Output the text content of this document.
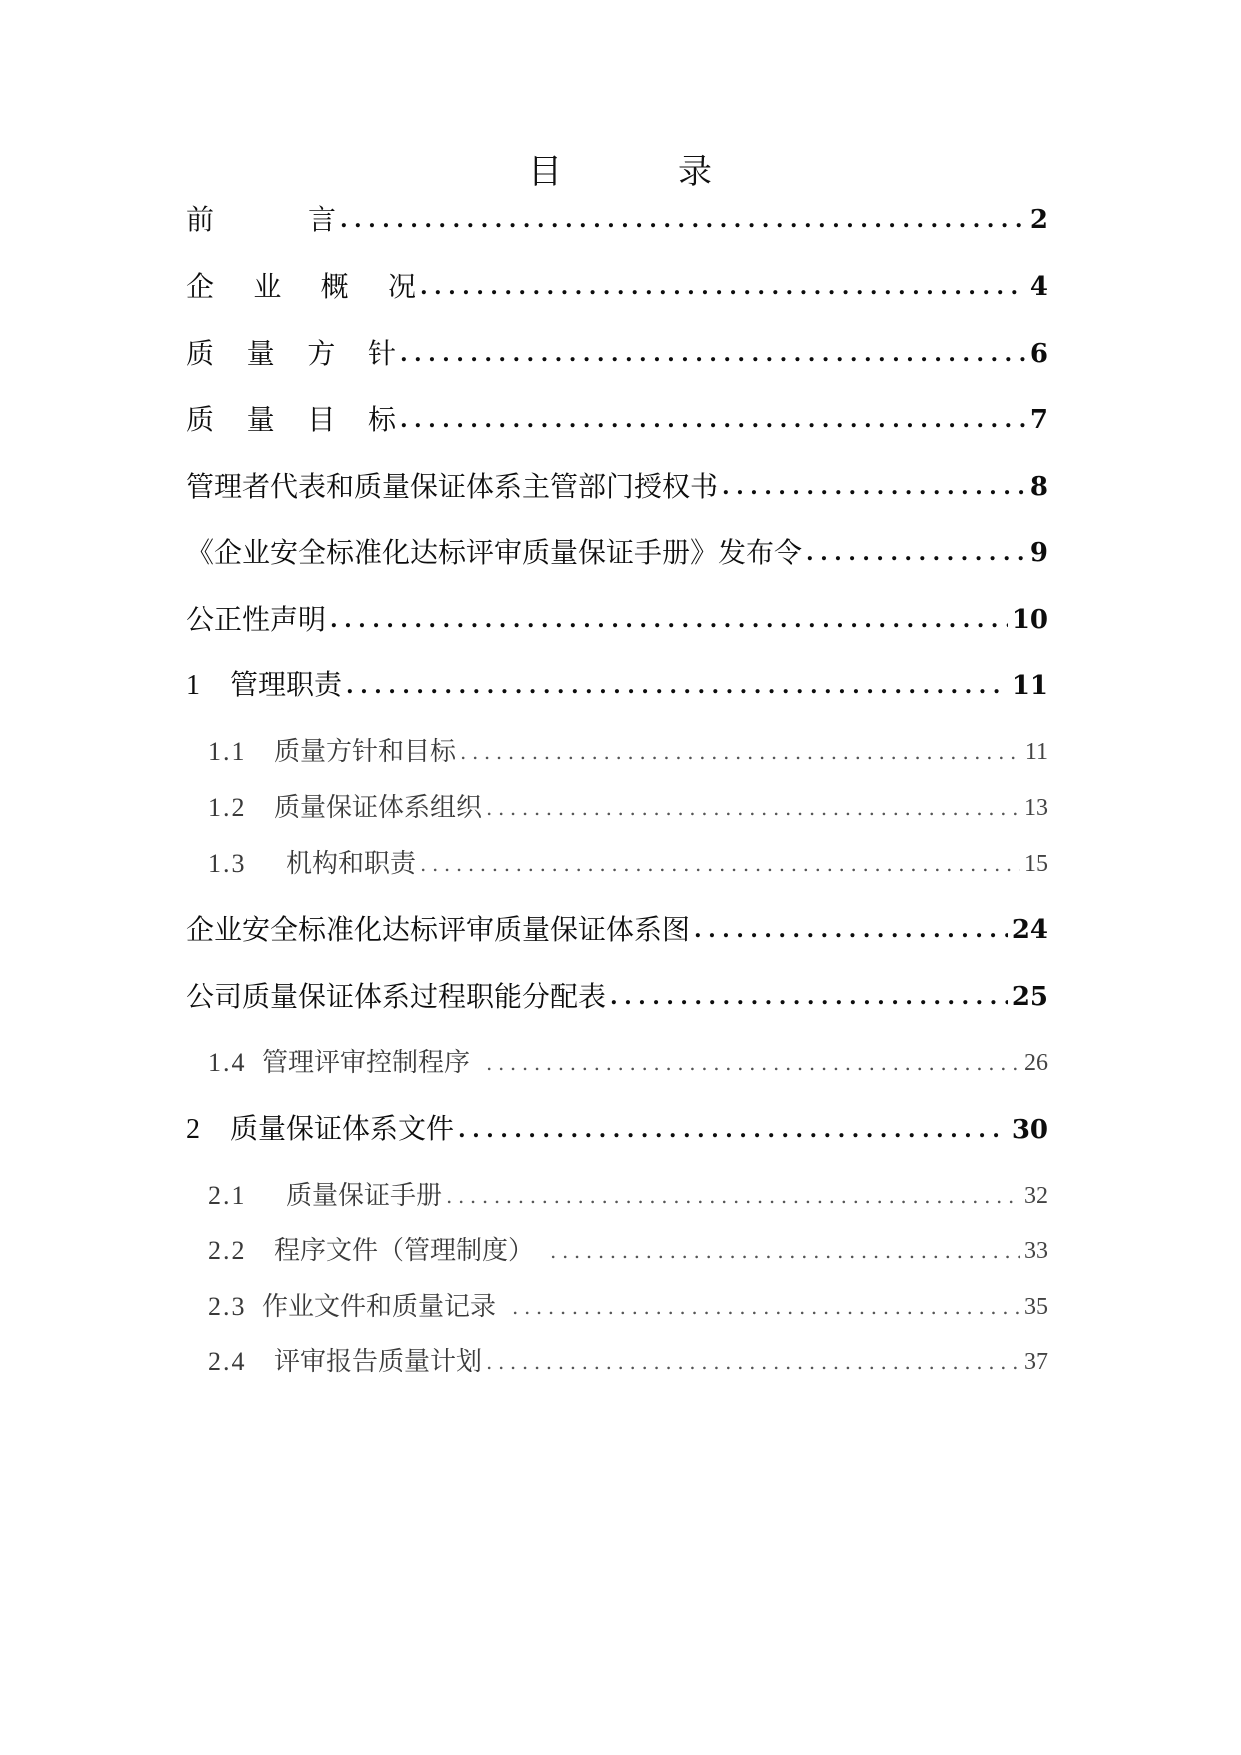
目	录
前	言 .....	2
企 业 概 况 .....	4
质 量 方 针 .....	6
质 量 目 标 .....	7
管理者代表和质量保证体系主管部门授权书 .....	8
《企业安全标准化达标评审质量保证手册》发布令 .....	9
公正性声明 .....	10
1 管理职责 .....	11
1.1 质量方针和目标 .....	11
1.2 质量保证体系组织 .....	13
1.3 机构和职责 .....	15
企业安全标准化达标评审质量保证体系图 .....	24
公司质量保证体系过程职能分配表 .....	25
1.4 管理评审控制程序 .....	26
2 质量保证体系文件 .....	30
2.1 质量保证手册 .....	32
2.2 程序文件（管理制度） .....	33
2.3 作业文件和质量记录 .....	35
2.4 评审报告质量计划 .....	37
